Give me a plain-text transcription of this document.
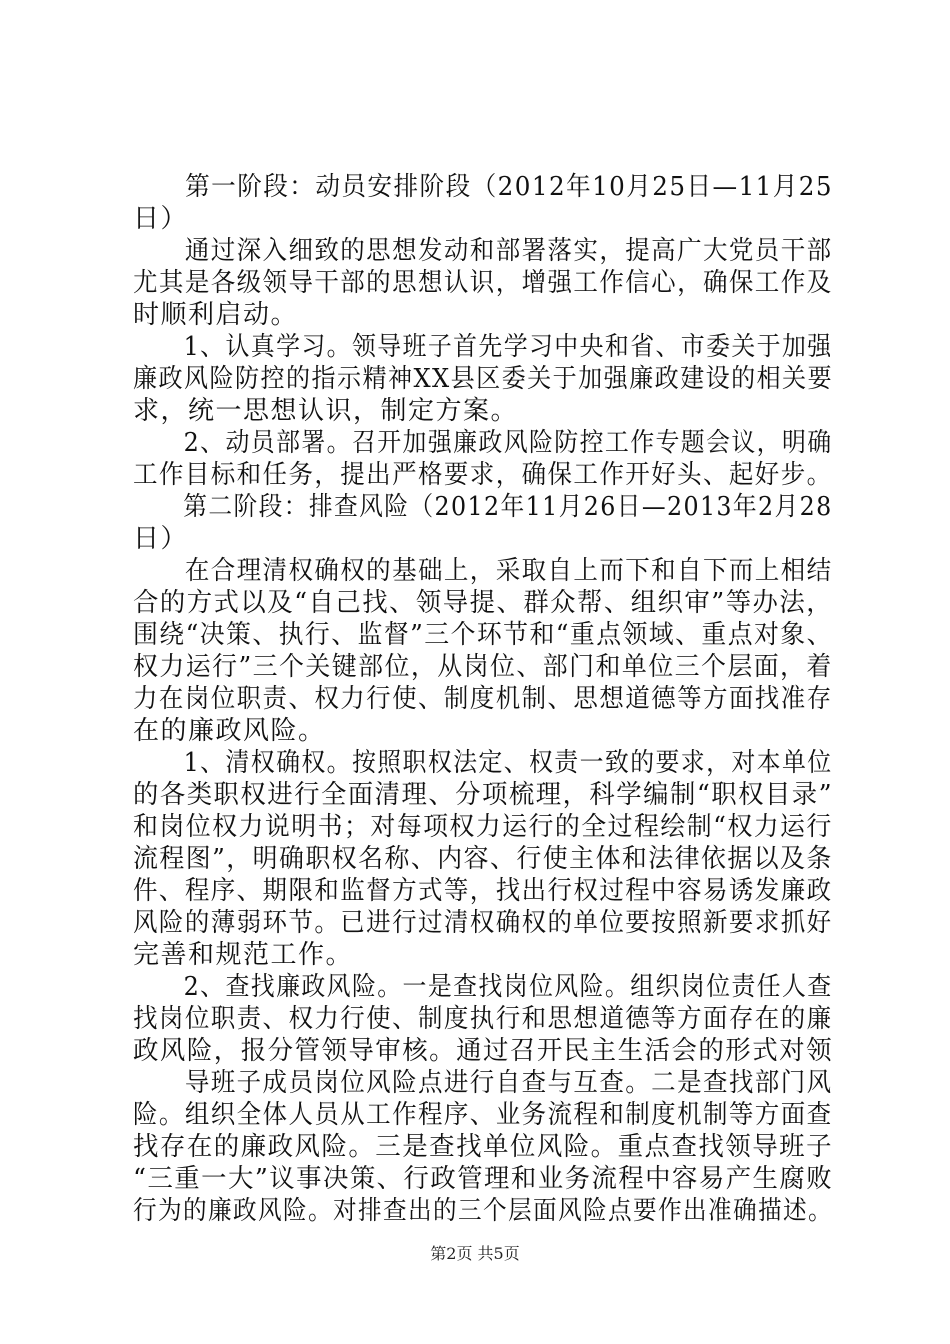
　　第一阶段：动员安排阶段（2012年10月25日—11月25
日）
　　通过深入细致的思想发动和部署落实，提高广大党员干部
尤其是各级领导干部的思想认识，增强工作信心，确保工作及
时顺利启动。
　　1、认真学习。领导班子首先学习中央和省、市委关于加强
廉政风险防控的指示精神XX县区委关于加强廉政建设的相关要
求，统一思想认识，制定方案。
　　2、动员部署。召开加强廉政风险防控工作专题会议，明确
工作目标和任务，提出严格要求，确保工作开好头、起好步。
　　第二阶段：排查风险（2012年11月26日—2013年2月28
日）
　　在合理清权确权的基础上，采取自上而下和自下而上相结
合的方式以及“自己找、领导提、群众帮、组织审”等办法，
围绕“决策、执行、监督”三个环节和“重点领域、重点对象、
权力运行”三个关键部位，从岗位、部门和单位三个层面，着
力在岗位职责、权力行使、制度机制、思想道德等方面找准存
在的廉政风险。
　　1、清权确权。按照职权法定、权责一致的要求，对本单位
的各类职权进行全面清理、分项梳理，科学编制“职权目录”
和岗位权力说明书；对每项权力运行的全过程绘制“权力运行
流程图”，明确职权名称、内容、行使主体和法律依据以及条
件、程序、期限和监督方式等，找出行权过程中容易诱发廉政
风险的薄弱环节。已进行过清权确权的单位要按照新要求抓好
完善和规范工作。
　　2、查找廉政风险。一是查找岗位风险。组织岗位责任人查
找岗位职责、权力行使、制度执行和思想道德等方面存在的廉
政风险，报分管领导审核。通过召开民主生活会的形式对领
　　导班子成员岗位风险点进行自查与互查。二是查找部门风
险。组织全体人员从工作程序、业务流程和制度机制等方面查
找存在的廉政风险。三是查找单位风险。重点查找领导班子
“三重一大”议事决策、行政管理和业务流程中容易产生腐败
行为的廉政风险。对排查出的三个层面风险点要作出准确描述。
第2页 共5页
